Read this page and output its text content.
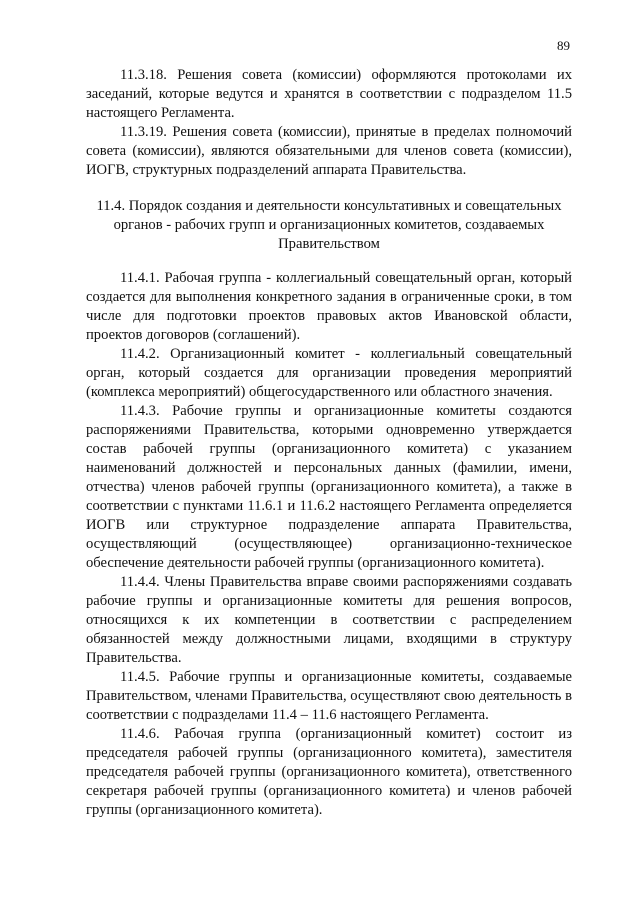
89

11.3.18. Решения совета (комиссии) оформляются протоколами их заседаний, которые ведутся и хранятся в соответствии с подразделом 11.5 настоящего Регламента.

11.3.19. Решения совета (комиссии), принятые в пределах полномочий совета (комиссии), являются обязательными для членов совета (комиссии), ИОГВ, структурных подразделений аппарата Правительства.

11.4. Порядок создания и деятельности консультативных и совещательных органов - рабочих групп и организационных комитетов, создаваемых Правительством

11.4.1. Рабочая группа - коллегиальный совещательный орган, который создается для выполнения конкретного задания в ограниченные сроки, в том числе для подготовки проектов правовых актов Ивановской области, проектов договоров (соглашений).

11.4.2. Организационный комитет - коллегиальный совещательный орган, который создается для организации проведения мероприятий (комплекса мероприятий) общегосударственного или областного значения.

11.4.3. Рабочие группы и организационные комитеты создаются распоряжениями Правительства, которыми одновременно утверждается состав рабочей группы (организационного комитета) с указанием наименований должностей и персональных данных (фамилии, имени, отчества) членов рабочей группы (организационного комитета), а также в соответствии с пунктами 11.6.1 и 11.6.2 настоящего Регламента определяется ИОГВ или структурное подразделение аппарата Правительства, осуществляющий (осуществляющее) организационно-техническое обеспечение деятельности рабочей группы (организационного комитета).

11.4.4. Члены Правительства вправе своими распоряжениями создавать рабочие группы и организационные комитеты для решения вопросов, относящихся к их компетенции в соответствии с распределением обязанностей между должностными лицами, входящими в структуру Правительства.

11.4.5. Рабочие группы и организационные комитеты, создаваемые Правительством, членами Правительства, осуществляют свою деятельность в соответствии с подразделами 11.4 – 11.6 настоящего Регламента.

11.4.6. Рабочая группа (организационный комитет) состоит из председателя рабочей группы (организационного комитета), заместителя председателя рабочей группы (организационного комитета), ответственного секретаря рабочей группы (организационного комитета) и членов рабочей группы (организационного комитета).
